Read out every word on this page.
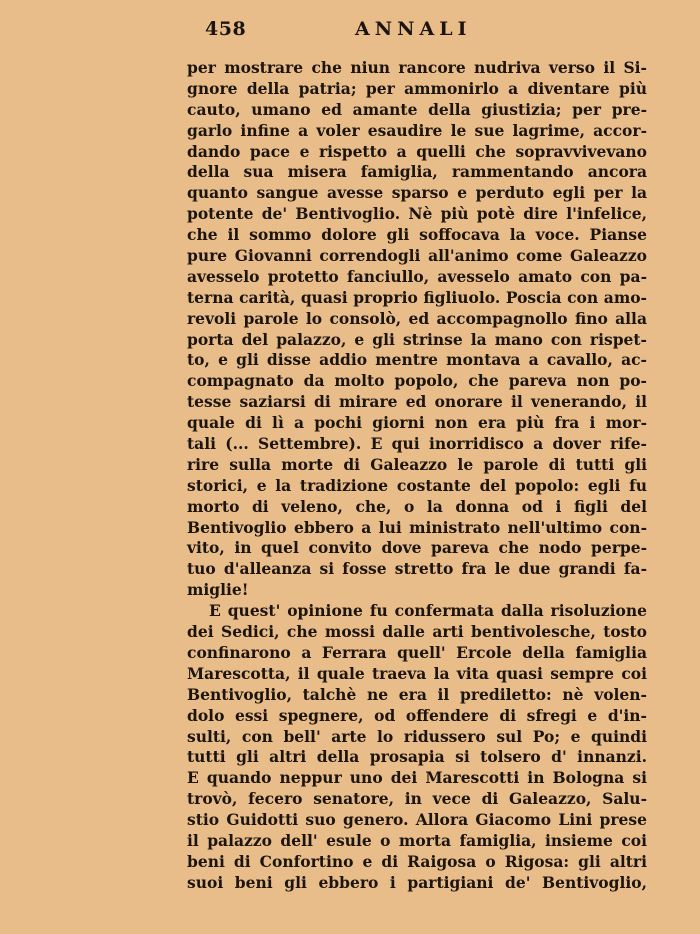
458	ANNALI
per mostrare che niun rancore nudriva verso il Si-
gnore della patria; per ammonirlo a diventare più
cauto, umano ed amante della giustizia; per pre-
garlo infine a voler esaudire le sue lagrime, accor-
dando pace e rispetto a quelli che sopravvivevano
della sua misera famiglia, rammentando ancora
quanto sangue avesse sparso e perduto egli per la
potente de' Bentivoglio. Nè più potè dire l'infelice,
che il sommo dolore gli soffocava la voce. Pianse
pure Giovanni correndogli all'animo come Galeazzo
avesselo protetto fanciullo, avesselo amato con pa-
terna carità, quasi proprio figliuolo. Poscia con amo-
revoli parole lo consolò, ed accompagnollo fino alla
porta del palazzo, e gli strinse la mano con rispet-
to, e gli disse addio mentre montava a cavallo, ac-
compagnato da molto popolo, che pareva non po-
tesse saziarsi di mirare ed onorare il venerando, il
quale di lì a pochi giorni non era più fra i mor-
tali (... Settembre). E qui inorridisco a dover rife-
rire sulla morte di Galeazzo le parole di tutti gli
storici, e la tradizione costante del popolo: egli fu
morto di veleno, che, o la donna od i figli del
Bentivoglio ebbero a lui ministrato nell'ultimo con-
vito, in quel convito dove pareva che nodo perpe-
tuo d'alleanza si fosse stretto fra le due grandi fa-
miglie!
E quest' opinione fu confermata dalla risoluzione
dei Sedici, che mossi dalle arti bentivolesche, tosto
confinarono a Ferrara quell' Ercole della famiglia
Marescotta, il quale traeva la vita quasi sempre coi
Bentivoglio, talchè ne era il prediletto: nè volen-
dolo essi spegnere, od offendere di sfregi e d'in-
sulti, con bell' arte lo ridussero sul Po; e quindi
tutti gli altri della prosapia si tolsero d' innanzi.
E quando neppur uno dei Marescotti in Bologna si
trovò, fecero senatore, in vece di Galeazzo, Salu-
stio Guidotti suo genero. Allora Giacomo Lini prese
il palazzo dell' esule o morta famiglia, insieme coi
beni di Confortino e di Raigosa o Rigosa: gli altri
suoi beni gli ebbero i partigiani de' Bentivoglio,
